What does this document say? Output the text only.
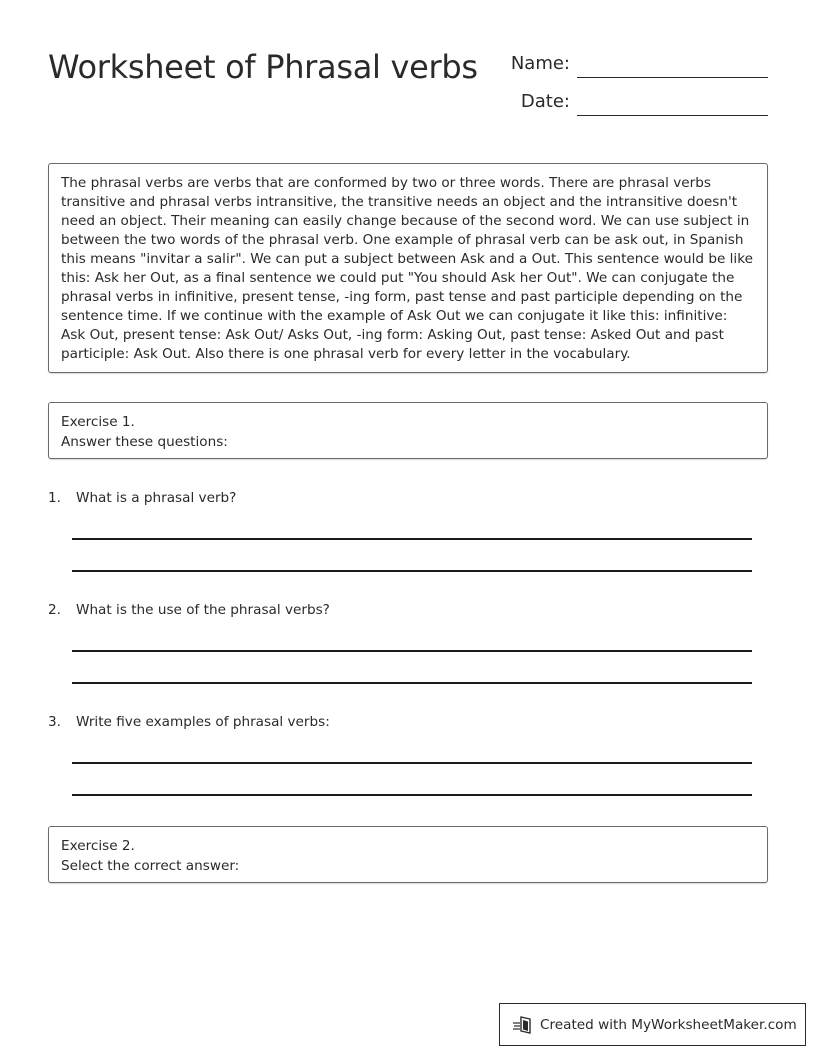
Worksheet of Phrasal verbs	Name:
Date:
The phrasal verbs are verbs that are conformed by two or three words. There are phrasal verbs transitive and phrasal verbs intransitive, the transitive needs an object and the intransitive doesn't need an object. Their meaning can easily change because of the second word. We can use subject in between the two words of the phrasal verb. One example of phrasal verb can be ask out, in Spanish this means "invitar a salir". We can put a subject between Ask and a Out. This sentence would be like this: Ask her Out, as a final sentence we could put "You should Ask her Out". We can conjugate the phrasal verbs in infinitive, present tense, -ing form, past tense and past participle depending on the sentence time. If we continue with the example of Ask Out we can conjugate it like this: infinitive: Ask Out, present tense: Ask Out/ Asks Out, -ing form: Asking Out, past tense: Asked Out and past participle: Ask Out. Also there is one phrasal verb for every letter in the vocabulary.
Exercise 1.
Answer these questions:
1. What is a phrasal verb?
2. What is the use of the phrasal verbs?
3. Write five examples of phrasal verbs:
Exercise 2.
Select the correct answer:
Created with MyWorksheetMaker.com
